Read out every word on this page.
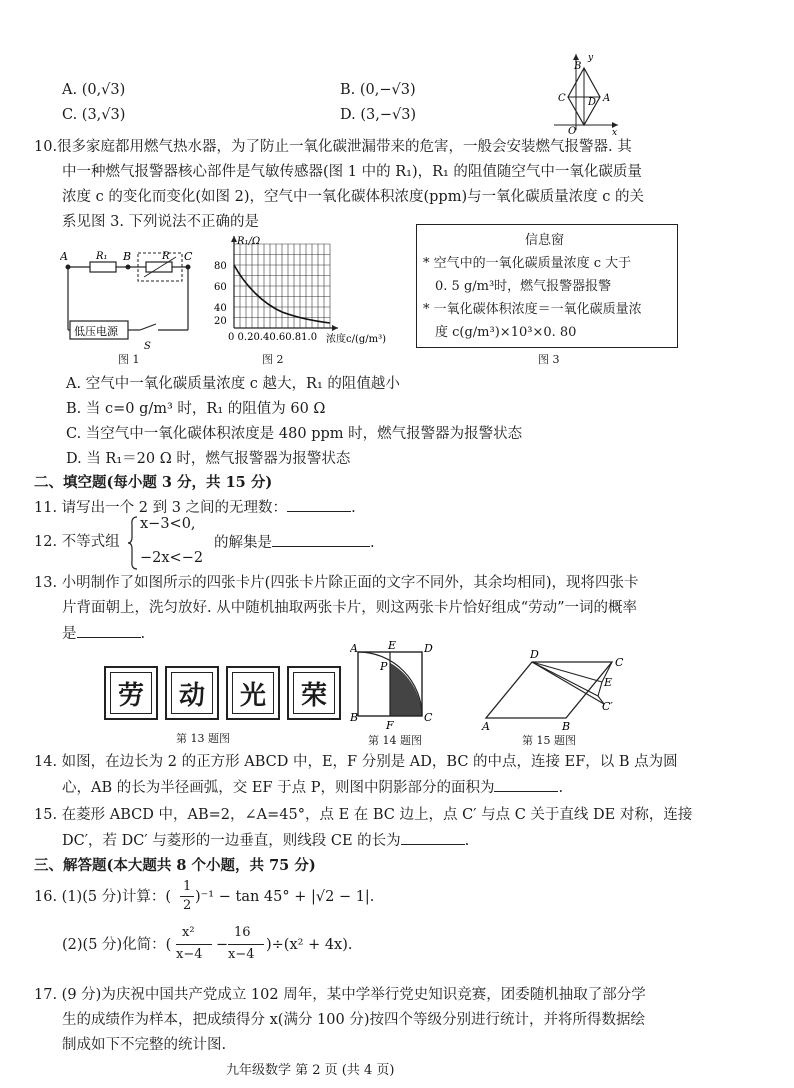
A. (0,√3)	B. (0,−√3)
C. (3,√3)	D. (3,−√3)
y
B
C D A
O	x
10.很多家庭都用燃气热水器，为了防止一氧化碳泄漏带来的危害，一般会安装燃气报警器. 其
中一种燃气报警器核心部件是气敏传感器(图 1 中的 R₁)，R₁ 的阻值随空气中一氧化碳质量
浓度 c 的变化而变化(如图 2)，空气中一氧化碳体积浓度(ppm)与一氧化碳质量浓度 c 的关
系见图 3. 下列说法不正确的是
低压电源
A	B	C
R₁	R
S
图 1
R₁/Ω
80
60
40
20
0 0.20.40.60.81.0 浓度c/(g/m³)
图 2
信息窗
* 空气中的一氧化碳质量浓度 c 大于
0. 5 g/m³时，燃气报警器报警
* 一氧化碳体积浓度＝一氧化碳质量浓
度 c(g/m³)×10³×0. 80
图 3
A. 空气中一氧化碳质量浓度 c 越大，R₁ 的阻值越小
B. 当 c=0 g/m³ 时，R₁ 的阻值为 60 Ω
C. 当空气中一氧化碳体积浓度是 480 ppm 时，燃气报警器为报警状态
D. 当 R₁＝20 Ω 时，燃气报警器为报警状态
二、填空题(每小题 3 分，共 15 分)
11. 请写出一个 2 到 3 之间的无理数：	.
12. 不等式组
x−3<0,
−2x<−2
的解集是	.
13. 小明制作了如图所示的四张卡片(四张卡片除正面的文字不同外，其余均相同)，现将四张卡
片背面朝上，洗匀放好. 从中随机抽取两张卡片，则这两张卡片恰好组成“劳动”一词的概率
是	.
劳 动 光 荣
第 13 题图
A	E	D
P
B
F
C
第 14 题图
D
C
E
C′
A	B
第 15 题图
14. 如图，在边长为 2 的正方形 ABCD 中，E，F 分别是 AD，BC 的中点，连接 EF，以 B 点为圆
心，AB 的长为半径画弧，交 EF 于点 P，则图中阴影部分的面积为	.
15. 在菱形 ABCD 中，AB=2，∠A=45°，点 E 在 BC 边上，点 C′ 与点 C 关于直线 DE 对称，连接
DC′，若 DC′ 与菱形的一边垂直，则线段 CE 的长为	.
三、解答题(本大题共 8 个小题，共 75 分)
16. (1)(5 分)计算：(
1
2
)⁻¹ − tan 45° + |√2 − 1|.
(2)(5 分)化简：(
x²
x−4
−
16
x−4
)÷(x² + 4x).
17. (9 分)为庆祝中国共产党成立 102 周年，某中学举行党史知识竞赛，团委随机抽取了部分学
生的成绩作为样本，把成绩得分 x(满分 100 分)按四个等级分别进行统计，并将所得数据绘
制成如下不完整的统计图.
九年级数学 第 2 页 (共 4 页)
